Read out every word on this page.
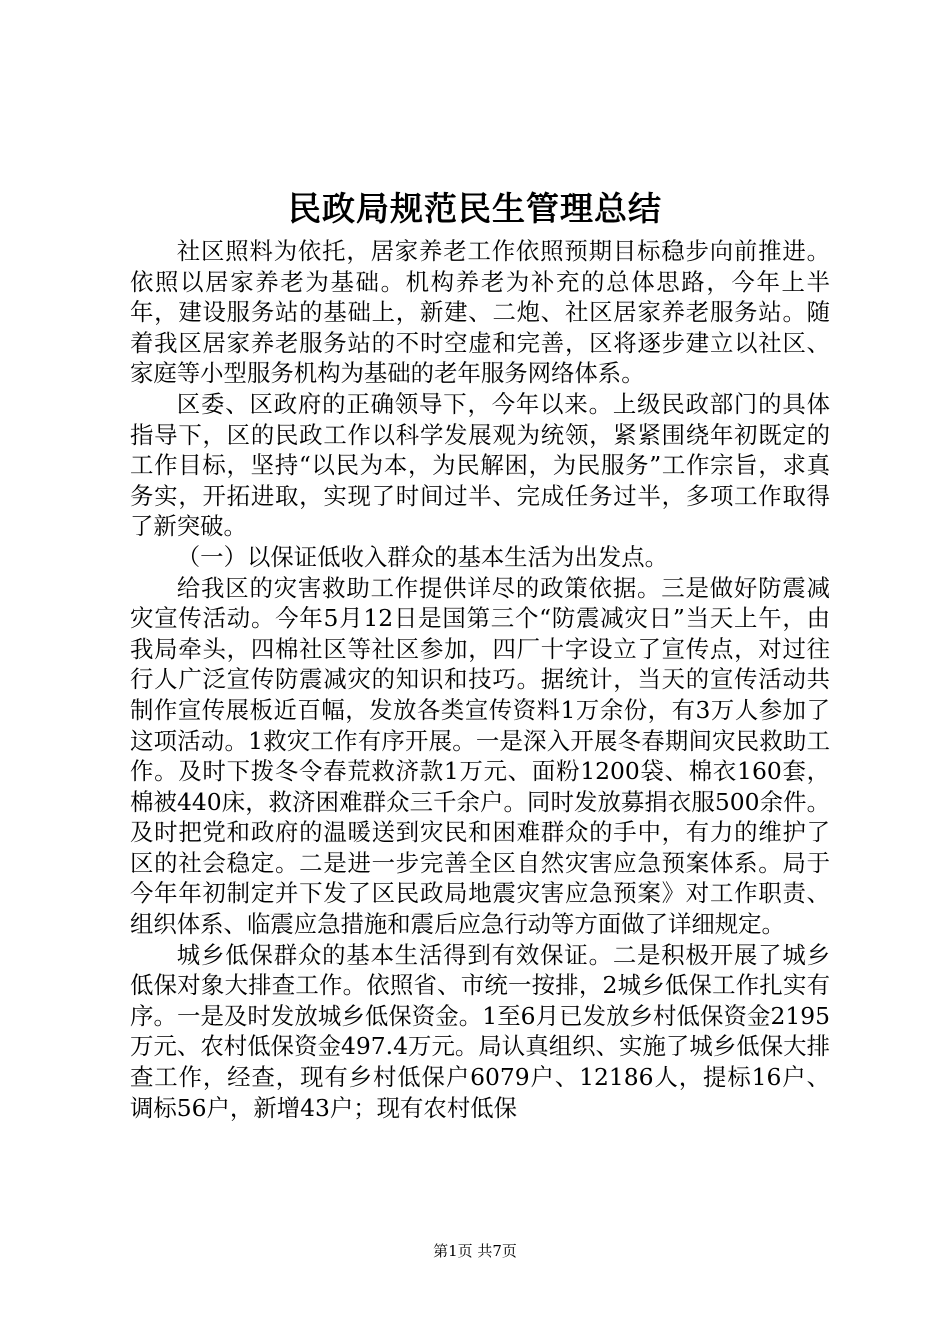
民政局规范民生管理总结

社区照料为依托，居家养老工作依照预期目标稳步向前推进。依照以居家养老为基础。机构养老为补充的总体思路，今年上半年，建设服务站的基础上，新建、二炮、社区居家养老服务站。随着我区居家养老服务站的不时空虚和完善，区将逐步建立以社区、家庭等小型服务机构为基础的老年服务网络体系。

区委、区政府的正确领导下，今年以来。上级民政部门的具体指导下，区的民政工作以科学发展观为统领，紧紧围绕年初既定的工作目标，坚持“以民为本，为民解困，为民服务”工作宗旨，求真务实，开拓进取，实现了时间过半、完成任务过半，多项工作取得了新突破。

（一）以保证低收入群众的基本生活为出发点。

给我区的灾害救助工作提供详尽的政策依据。三是做好防震减灾宣传活动。今年5月12日是国第三个“防震减灾日”当天上午，由我局牵头，四棉社区等社区参加，四厂十字设立了宣传点，对过往行人广泛宣传防震减灾的知识和技巧。据统计，当天的宣传活动共制作宣传展板近百幅，发放各类宣传资料1万余份，有3万人参加了这项活动。1救灾工作有序开展。一是深入开展冬春期间灾民救助工作。及时下拨冬令春荒救济款1万元、面粉1200袋、棉衣160套，棉被440床，救济困难群众三千余户。同时发放募捐衣服500余件。及时把党和政府的温暖送到灾民和困难群众的手中，有力的维护了区的社会稳定。二是进一步完善全区自然灾害应急预案体系。局于今年年初制定并下发了区民政局地震灾害应急预案》对工作职责、组织体系、临震应急措施和震后应急行动等方面做了详细规定。

城乡低保群众的基本生活得到有效保证。二是积极开展了城乡低保对象大排查工作。依照省、市统一按排，2城乡低保工作扎实有序。一是及时发放城乡低保资金。1至6月已发放乡村低保资金2195万元、农村低保资金497.4万元。局认真组织、实施了城乡低保大排查工作，经查，现有乡村低保户6079户、12186人，提标16户、调标56户，新增43户；现有农村低保

第1页 共7页
